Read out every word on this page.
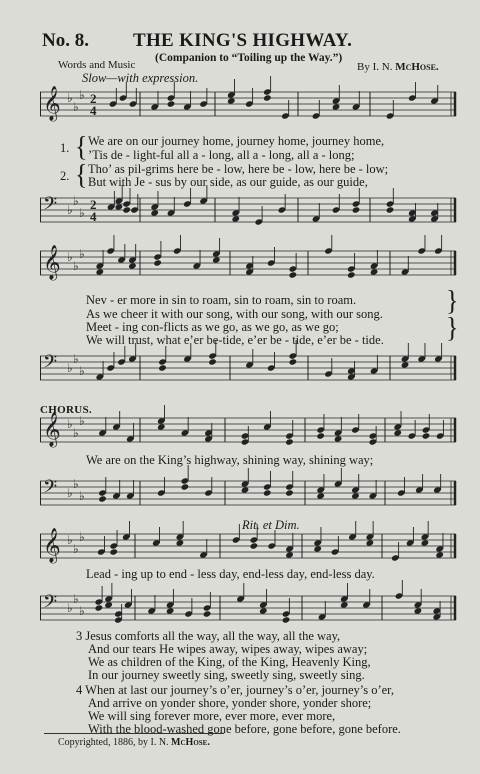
No. 8. THE KING'S HIGHWAY.
(Companion to “Toiling up the Way.”)
Words and Music	By I. N. McHose.
Slow—with expression.
𝄞 ♭
♭
♭ 2
4
𝄢 ♭
♭
♭
2
4
𝄞 ♭
♭
♭
𝄢 ♭
♭
♭
𝄞 ♭
♭
♭
𝄢 ♭
♭
♭
𝄞 ♭
♭
♭
𝄢 ♭
♭
♭
1. { We are on our journey home, journey home, journey home,
’Tis de - light-ful all a - long, all a - long, all a - long;
2. { Tho’ as pil-grims here be - low, here be - low, here be - low;
But with Je - sus by our side, as our guide, as our guide,
Nev - er more in sin to roam, sin to roam, sin to roam.
As we cheer it with our song, with our song, with our song.
Meet - ing con-flicts as we go, as we go, as we go;
We will trust, what e’er be-tide, e’er be - tide, e’er be - tide.
}
}
CHORUS.
We are on the King’s highway, shining way, shining way;
Rit. et Dim.
Lead - ing up to end - less day, end-less day, end-less day.
3 Jesus comforts all the way, all the way, all the way,
And our tears He wipes away, wipes away, wipes away;
We as children of the King, of the King, Heavenly King,
In our journey sweetly sing, sweetly sing, sweetly sing.
4 When at last our journey’s o’er, journey’s o’er, journey’s o’er,
And arrive on yonder shore, yonder shore, yonder shore;
We will sing forever more, ever more, ever more,
With the blood-washed gone before, gone before, gone before.
Copyrighted, 1886, by I. N. McHose.
